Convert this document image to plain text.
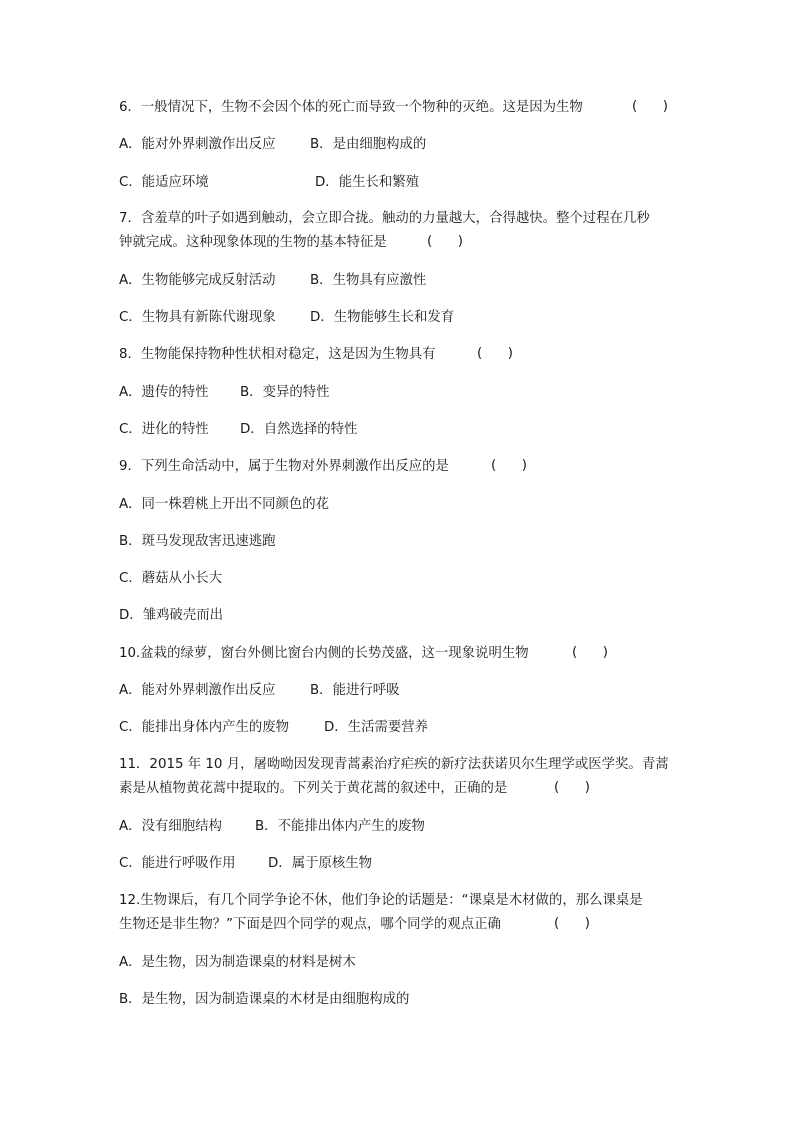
6．一般情况下，生物不会因个体的死亡而导致一个物种的灭绝。这是因为生物	(      )
A．能对外界刺激作出反应	B．是由细胞构成的
C．能适应环境	D．能生长和繁殖
7．含羞草的叶子如遇到触动，会立即合拢。触动的力量越大，合得越快。整个过程在几秒
钟就完成。这种现象体现的生物的基本特征是	(      )
A．生物能够完成反射活动	B．生物具有应激性
C．生物具有新陈代谢现象	D．生物能够生长和发育
8．生物能保持物种性状相对稳定，这是因为生物具有	(      )
A．遗传的特性 B．变异的特性
C．进化的特性 D．自然选择的特性
9．下列生命活动中，属于生物对外界刺激作出反应的是	(      )
A．同一株碧桃上开出不同颜色的花
B．斑马发现敌害迅速逃跑
C．蘑菇从小长大
D．雏鸡破壳而出
10.盆栽的绿萝，窗台外侧比窗台内侧的长势茂盛，这一现象说明生物	(      )
A．能对外界刺激作出反应	B．能进行呼吸
C．能排出身体内产生的废物	D．生活需要营养
11．2015 年 10 月，屠呦呦因发现青蒿素治疗疟疾的新疗法获诺贝尔生理学或医学奖。青蒿
素是从植物黄花蒿中提取的。下列关于黄花蒿的叙述中，正确的是	(      )
A．没有细胞结构 B．不能排出体内产生的废物
C．能进行呼吸作用 D．属于原核生物
12.生物课后，有几个同学争论不休，他们争论的话题是：“课桌是木材做的，那么课桌是
生物还是非生物？”下面是四个同学的观点，哪个同学的观点正确	(      )
A．是生物，因为制造课桌的材料是树木
B．是生物，因为制造课桌的木材是由细胞构成的
